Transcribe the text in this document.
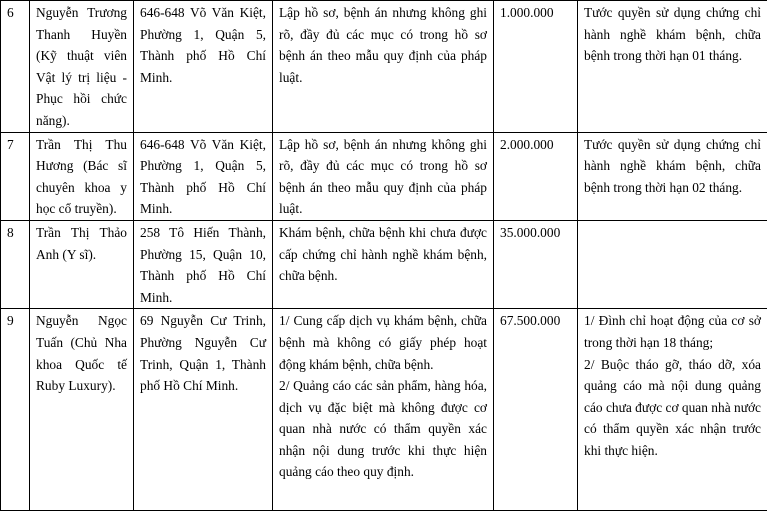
6	Nguyễn Trương Thanh Huyền (Kỹ thuật viên Vật lý trị liệu - Phục hồi chức năng).	646-648 Võ Văn Kiệt, Phường 1, Quận 5, Thành phố Hồ Chí Minh.	Lập hồ sơ, bệnh án nhưng không ghi rõ, đầy đủ các mục có trong hồ sơ bệnh án theo mẫu quy định của pháp luật.	1.000.000	Tước quyền sử dụng chứng chỉ hành nghề khám bệnh, chữa bệnh trong thời hạn 01 tháng.
7	Trần Thị Thu Hương (Bác sĩ chuyên khoa y học cổ truyền).	646-648 Võ Văn Kiệt, Phường 1, Quận 5, Thành phố Hồ Chí Minh.	Lập hồ sơ, bệnh án nhưng không ghi rõ, đầy đủ các mục có trong hồ sơ bệnh án theo mẫu quy định của pháp luật.	2.000.000	Tước quyền sử dụng chứng chỉ hành nghề khám bệnh, chữa bệnh trong thời hạn 02 tháng.
8	Trần Thị Thảo Anh (Y sĩ).	258 Tô Hiến Thành, Phường 15, Quận 10, Thành phố Hồ Chí Minh.	Khám bệnh, chữa bệnh khi chưa được cấp chứng chỉ hành nghề khám bệnh, chữa bệnh.	35.000.000	
9	Nguyễn Ngọc Tuấn (Chủ Nha khoa Quốc tế Ruby Luxury).	69 Nguyễn Cư Trinh, Phường Nguyễn Cư Trinh, Quận 1, Thành phố Hồ Chí Minh.	1/ Cung cấp dịch vụ khám bệnh, chữa bệnh mà không có giấy phép hoạt động khám bệnh, chữa bệnh.
2/ Quảng cáo các sản phẩm, hàng hóa, dịch vụ đặc biệt mà không được cơ quan nhà nước có thẩm quyền xác nhận nội dung trước khi thực hiện quảng cáo theo quy định.	67.500.000	1/ Đình chỉ hoạt động của cơ sở trong thời hạn 18 tháng;
2/ Buộc tháo gỡ, tháo dỡ, xóa quảng cáo mà nội dung quảng cáo chưa được cơ quan nhà nước có thẩm quyền xác nhận trước khi thực hiện.
